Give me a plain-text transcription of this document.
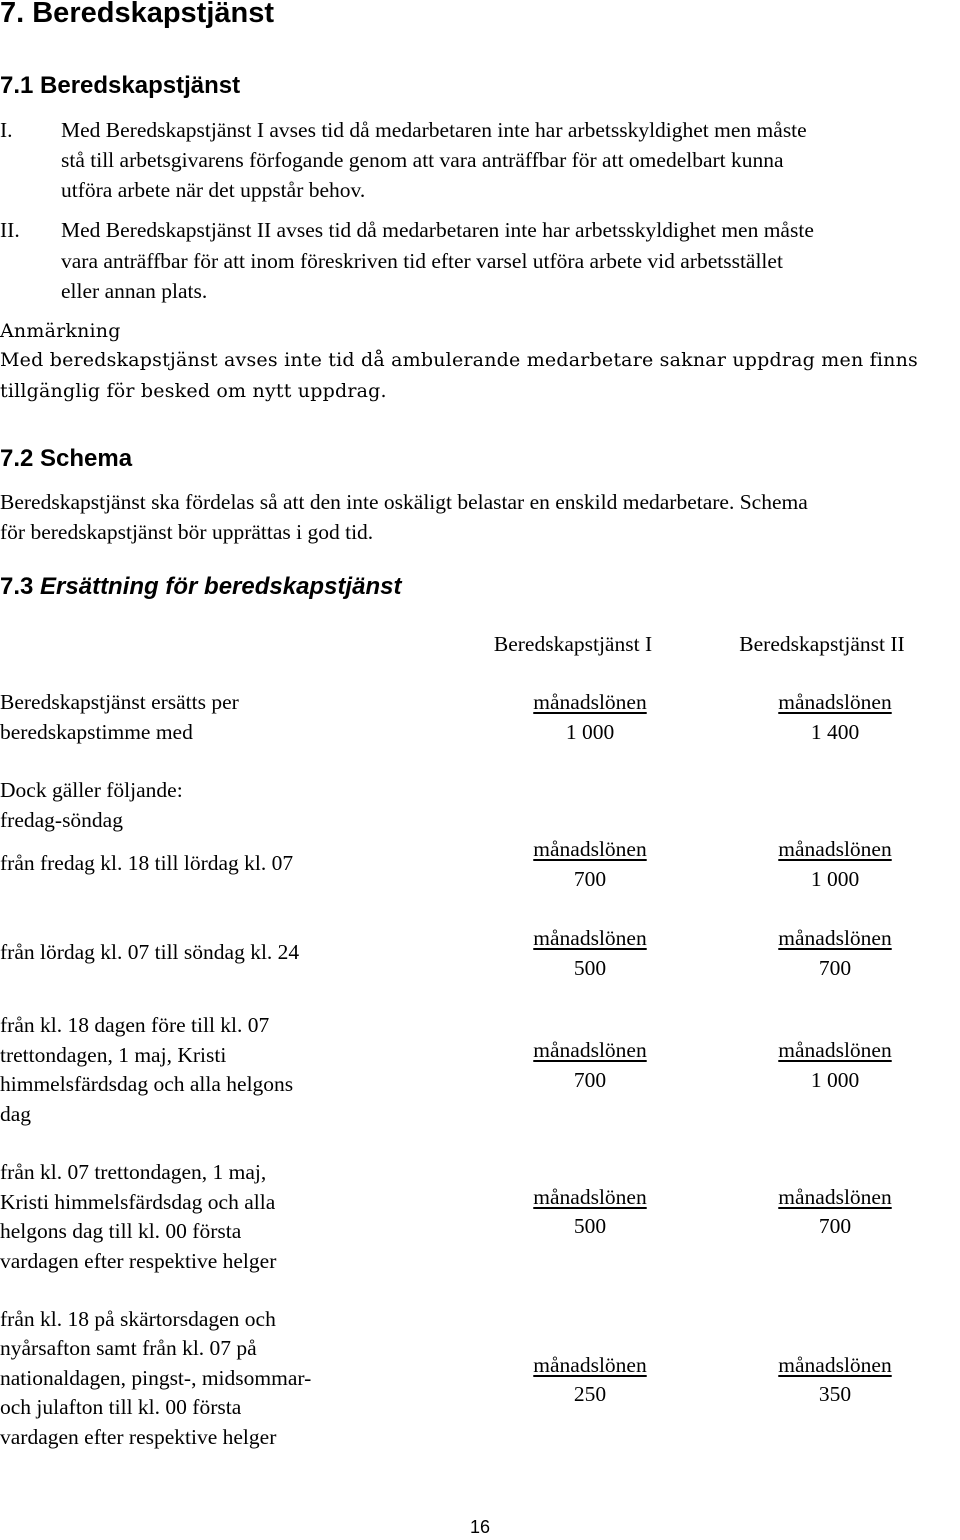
7. Beredskapstjänst
7.1 Beredskapstjänst
I. Med Beredskapstjänst I avses tid då medarbetaren inte har arbetsskyldighet men måste
stå till arbetsgivarens förfogande genom att vara anträffbar för att omedelbart kunna
utföra arbete när det uppstår behov.
II. Med Beredskapstjänst II avses tid då medarbetaren inte har arbetsskyldighet men måste
vara anträffbar för att inom föreskriven tid efter varsel utföra arbete vid arbetsstället
eller annan plats.
Anmärkning
Med beredskapstjänst avses inte tid då ambulerande medarbetare saknar uppdrag men finns
tillgänglig för besked om nytt uppdrag.
7.2 Schema
Beredskapstjänst ska fördelas så att den inte oskäligt belastar en enskild medarbetare. Schema
för beredskapstjänst bör upprättas i god tid.
7.3 Ersättning för beredskapstjänst
Beredskapstjänst I	Beredskapstjänst II
Beredskapstjänst ersätts per
beredskapstimme med
månadslönen
1 000
månadslönen
1 400
Dock gäller följande:
fredag-söndag
från fredag kl. 18 till lördag kl. 07
månadslönen
700
månadslönen
1 000
från lördag kl. 07 till söndag kl. 24
månadslönen
500
månadslönen
700
från kl. 18 dagen före till kl. 07
trettondagen, 1 maj, Kristi
himmelsfärdsdag och alla helgons
dag
månadslönen
700
månadslönen
1 000
från kl. 07 trettondagen, 1 maj,
Kristi himmelsfärdsdag och alla
helgons dag till kl. 00 första
vardagen efter respektive helger
månadslönen
500
månadslönen
700
från kl. 18 på skärtorsdagen och
nyårsafton samt från kl. 07 på
nationaldagen, pingst-, midsommar-
och julafton till kl. 00 första
vardagen efter respektive helger
månadslönen
250
månadslönen
350
16
